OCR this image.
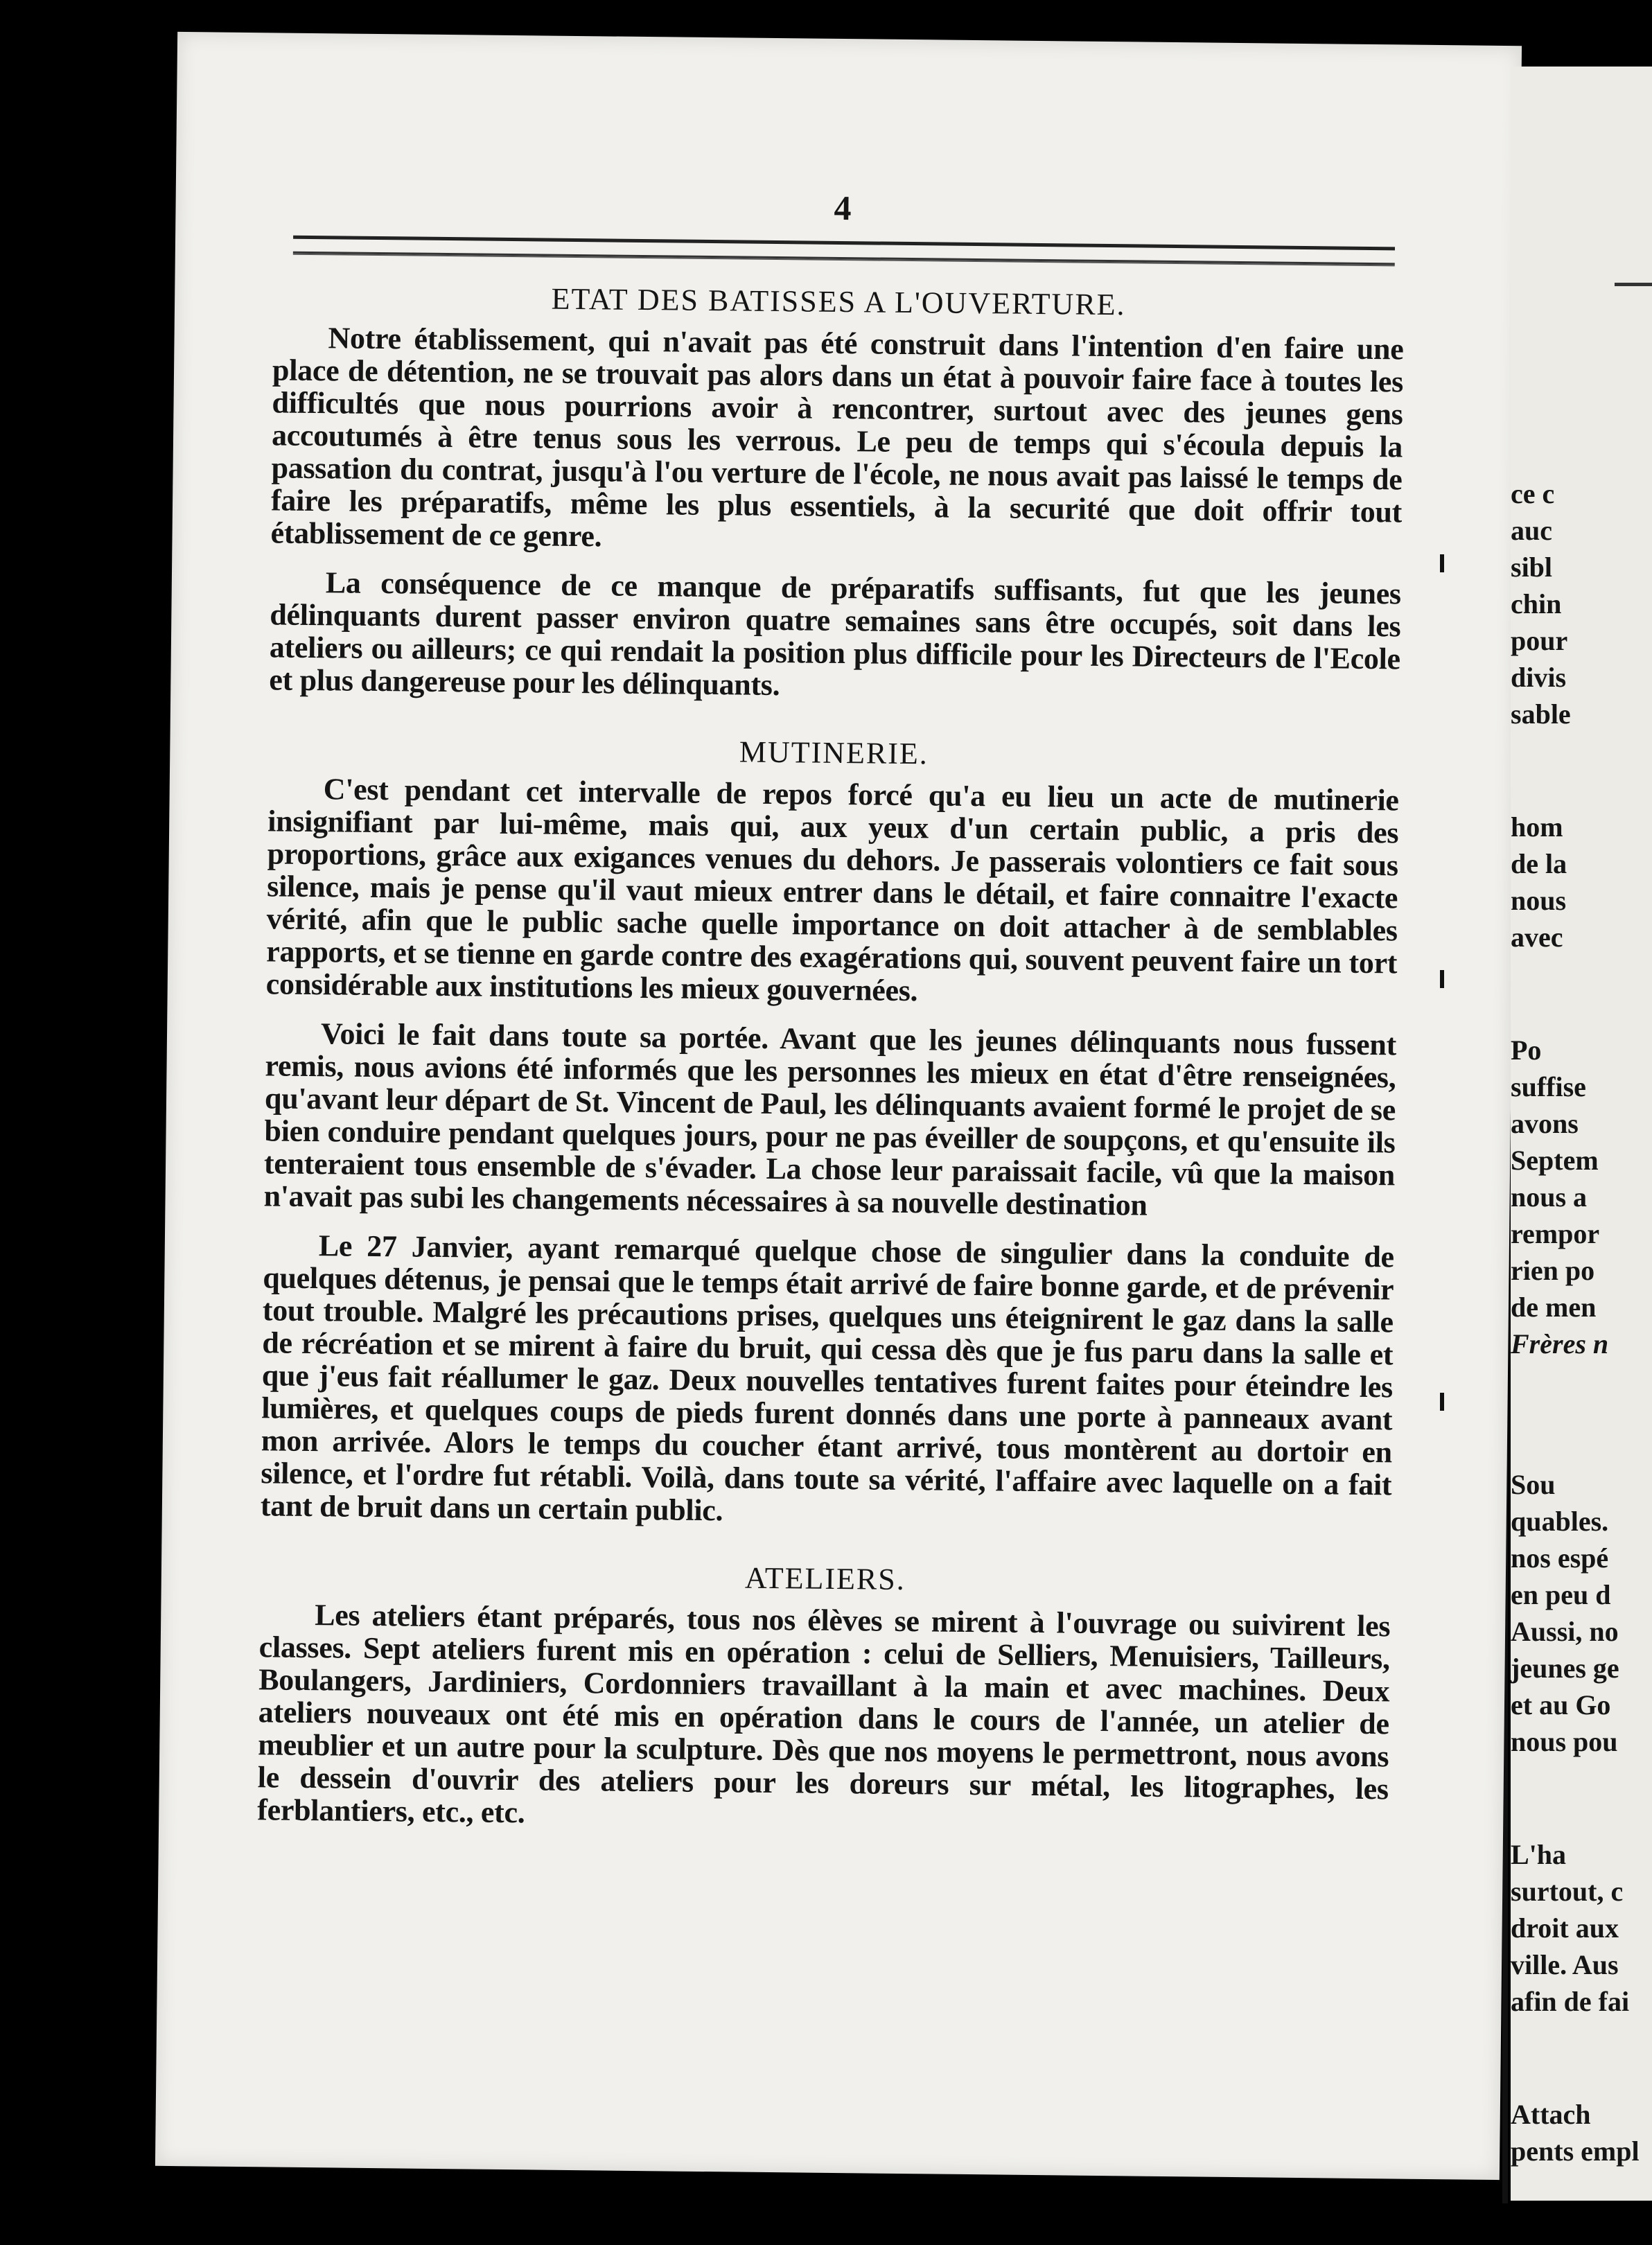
4
ETAT DES BATISSES A L'OUVERTURE.

Notre établissement, qui n'avait pas été construit dans l'intention d'en faire une place de détention, ne se trouvait pas alors dans un état à pouvoir faire face à toutes les difficultés que nous pourrions avoir à rencontrer, surtout avec des jeunes gens accoutumés à être tenus sous les verrous. Le peu de temps qui s'écoula depuis la passation du contrat, jusqu'à l'ou verture de l'école, ne nous avait pas laissé le temps de faire les préparatifs, même les plus essentiels, à la securité que doit offrir tout établissement de ce genre.

La conséquence de ce manque de préparatifs suffisants, fut que les jeunes délinquants durent passer environ quatre semaines sans être occupés, soit dans les ateliers ou ailleurs; ce qui rendait la position plus difficile pour les Directeurs de l'Ecole et plus dangereuse pour les délinquants.

MUTINERIE.

C'est pendant cet intervalle de repos forcé qu'a eu lieu un acte de mutinerie insignifiant par lui-même, mais qui, aux yeux d'un certain public, a pris des proportions, grâce aux exigances venues du dehors. Je passerais volontiers ce fait sous silence, mais je pense qu'il vaut mieux entrer dans le détail, et faire connaitre l'exacte vérité, afin que le public sache quelle importance on doit attacher à de semblables rapports, et se tienne en garde contre des exagérations qui, souvent peuvent faire un tort considérable aux institutions les mieux gouvernées.

Voici le fait dans toute sa portée. Avant que les jeunes délinquants nous fussent remis, nous avions été informés que les personnes les mieux en état d'être renseignées, qu'avant leur départ de St. Vincent de Paul, les délinquants avaient formé le projet de se bien conduire pendant quelques jours, pour ne pas éveiller de soupçons, et qu'ensuite ils tenteraient tous ensemble de s'évader. La chose leur paraissait facile, vû que la maison n'avait pas subi les changements nécessaires à sa nouvelle destination

Le 27 Janvier, ayant remarqué quelque chose de singulier dans la conduite de quelques détenus, je pensai que le temps était arrivé de faire bonne garde, et de prévenir tout trouble. Malgré les précautions prises, quelques uns éteignirent le gaz dans la salle de récréation et se mirent à faire du bruit, qui cessa dès que je fus paru dans la salle et que j'eus fait réallumer le gaz. Deux nouvelles tentatives furent faites pour éteindre les lumières, et quelques coups de pieds furent donnés dans une porte à panneaux avant mon arrivée. Alors le temps du coucher étant arrivé, tous montèrent au dortoir en silence, et l'ordre fut rétabli. Voilà, dans toute sa vérité, l'affaire avec laquelle on a fait tant de bruit dans un certain public.

ATELIERS.

Les ateliers étant préparés, tous nos élèves se mirent à l'ouvrage ou suivirent les classes. Sept ateliers furent mis en opération : celui de Selliers, Menuisiers, Tailleurs, Boulangers, Jardiniers, Cordonniers travaillant à la main et avec machines. Deux ateliers nouveaux ont été mis en opération dans le cours de l'année, un atelier de meublier et un autre pour la sculpture. Dès que nos moyens le permettront, nous avons le dessein d'ouvrir des ateliers pour les doreurs sur métal, les litographes, les ferblantiers, etc., etc.

ce c
auc
sibl
chin
pour
divis
sable
hom
de la
nous
avec
Po
suffise
avons
Septem
nous a
rempor
rien po
de men
Frères n
Sou
quables.
nos espé
en peu d
Aussi, no
jeunes ge
et au Go
nous pou
L'ha
surtout, c
droit aux
ville. Aus
afin de fai
Attach
pents empl
